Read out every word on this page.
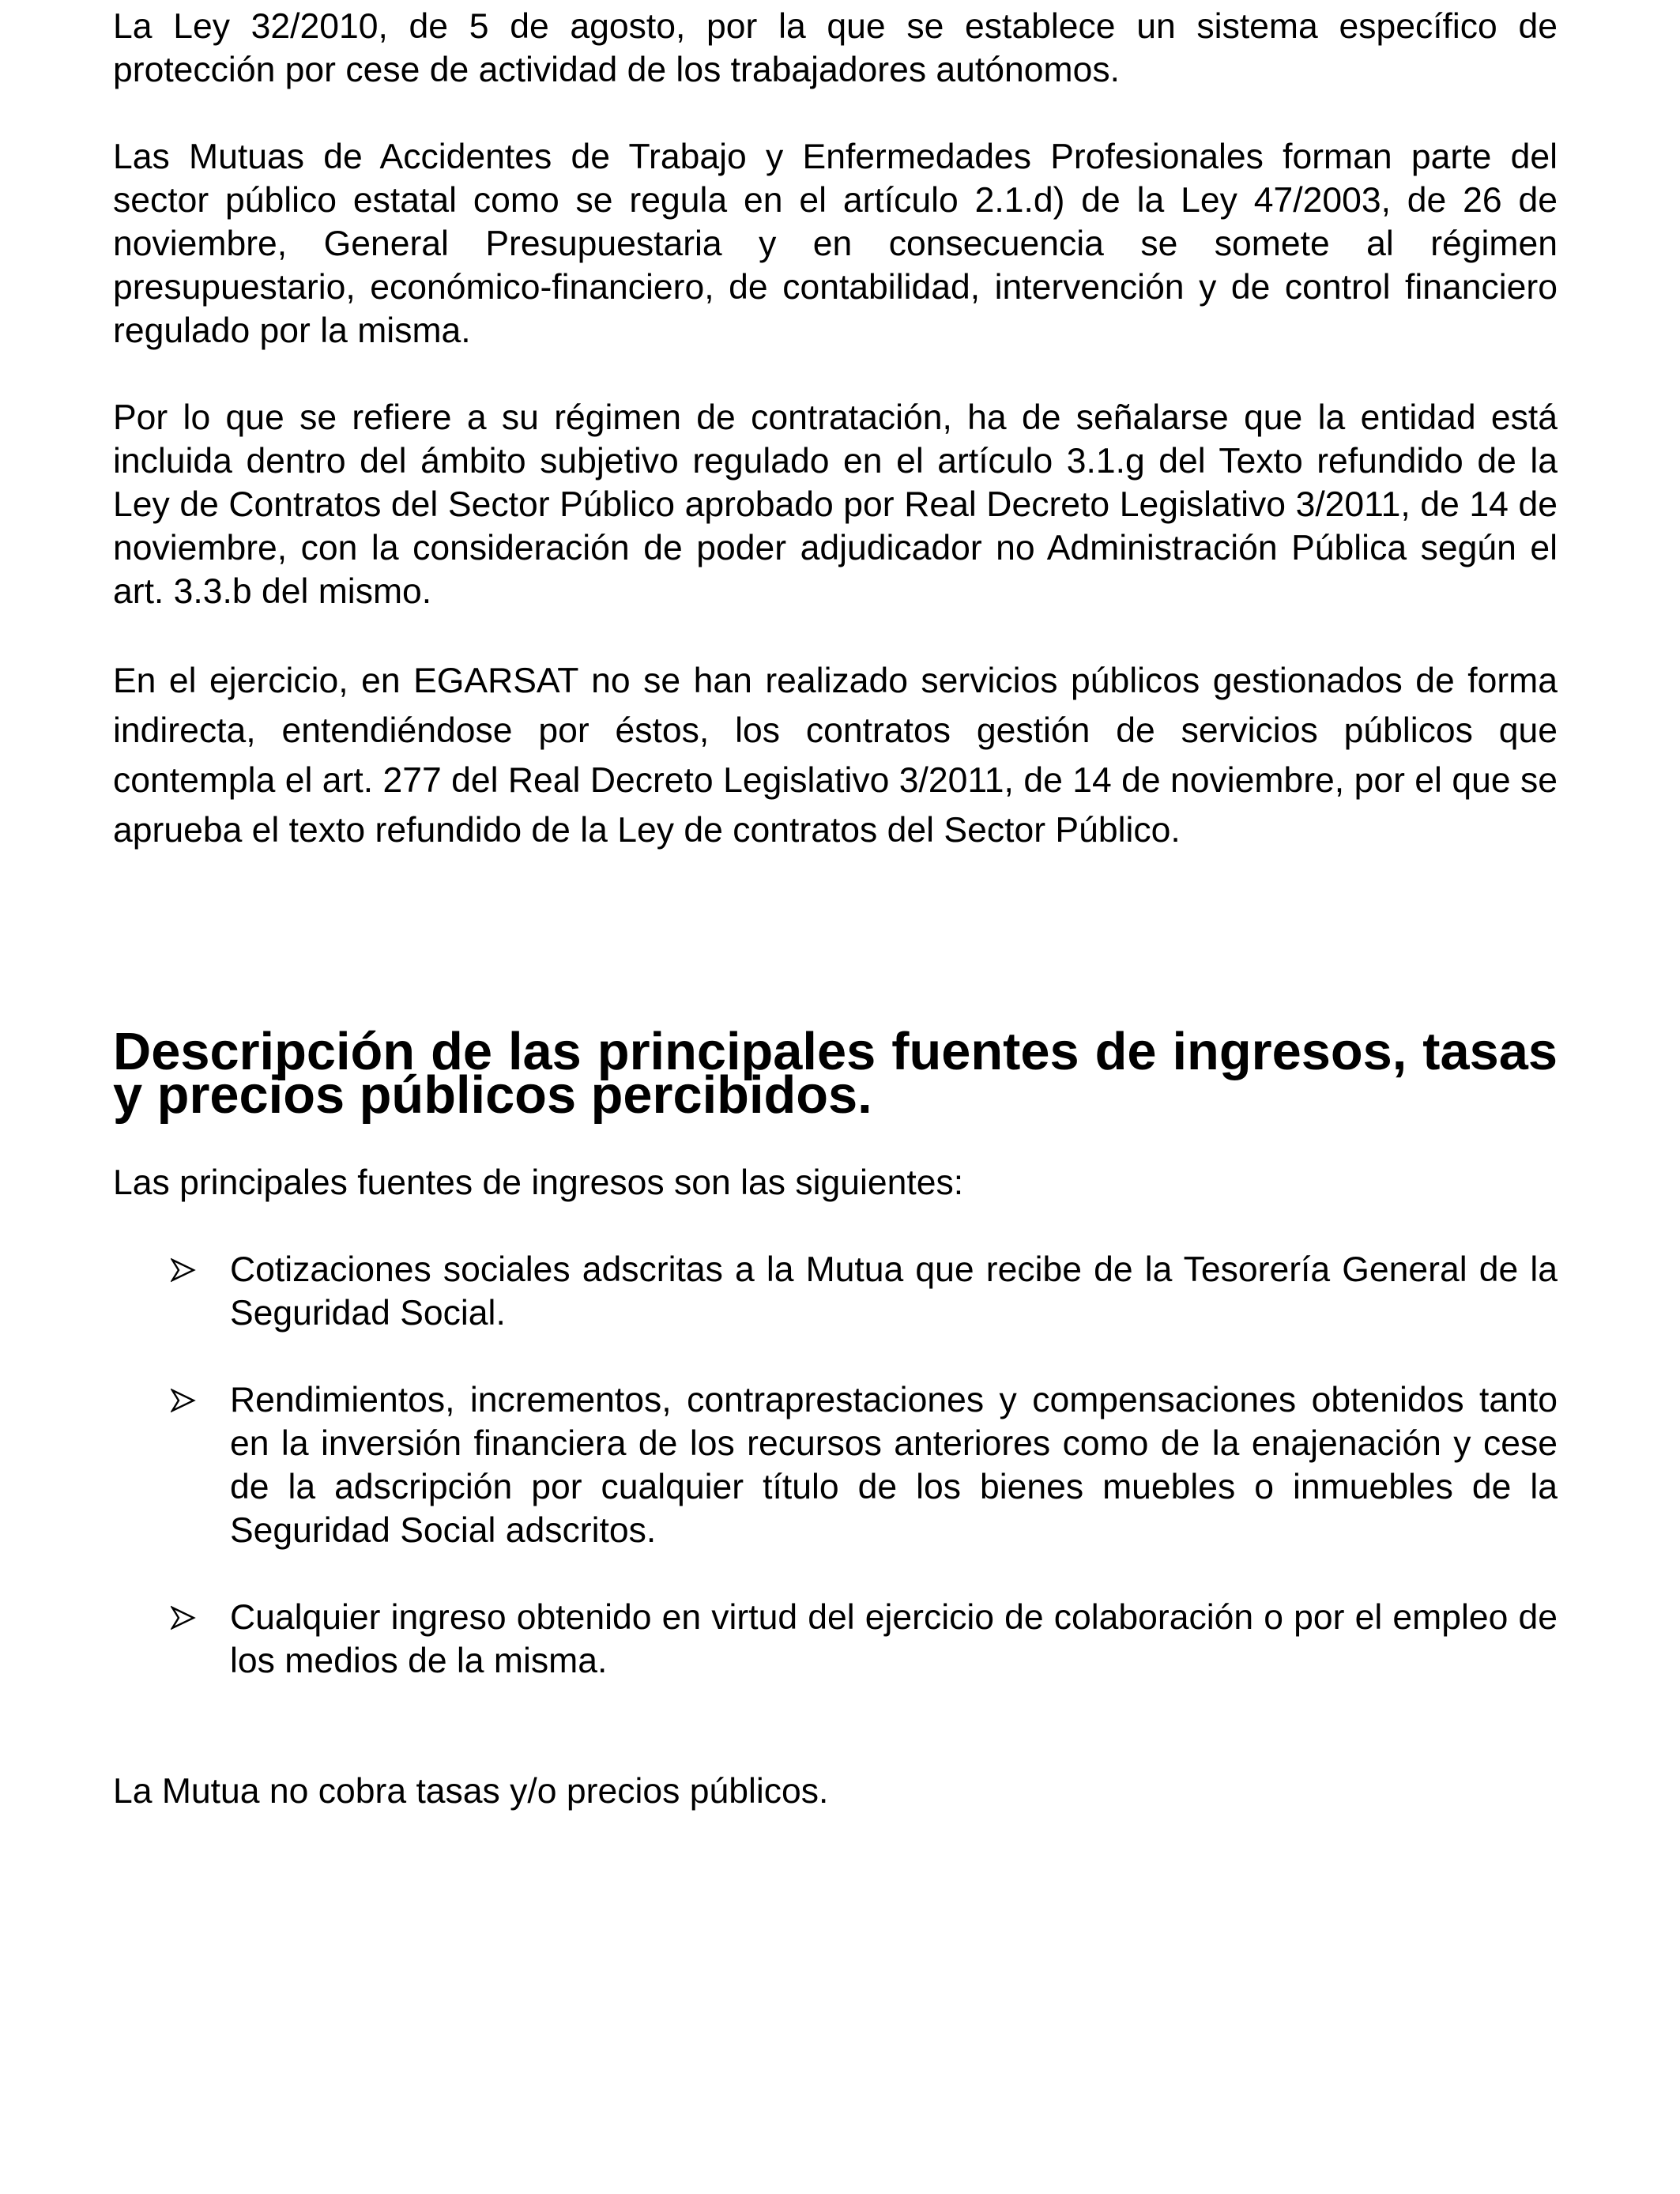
La Ley 32/2010, de 5 de agosto, por la que se establece un sistema específico de protección por cese de actividad de los trabajadores autónomos.

Las Mutuas de Accidentes de Trabajo y Enfermedades Profesionales forman parte del sector público estatal como se regula en el artículo 2.1.d) de la Ley 47/2003, de 26 de noviembre, General Presupuestaria y en consecuencia se somete al régimen presupuestario, económico-financiero, de contabilidad, intervención y de control financiero regulado por la misma.

Por lo que se refiere a su régimen de contratación, ha de señalarse que la entidad está incluida dentro del ámbito subjetivo regulado en el artículo 3.1.g del Texto refundido de la Ley de Contratos del Sector Público aprobado por Real Decreto Legislativo 3/2011, de 14 de noviembre, con la consideración de poder adjudicador no Administración Pública según el art. 3.3.b del mismo.

En el ejercicio, en EGARSAT no se han realizado servicios públicos gestionados de forma indirecta, entendiéndose por éstos, los contratos gestión de servicios públicos que contempla el art. 277 del Real Decreto Legislativo 3/2011, de 14 de noviembre, por el que se aprueba el texto refundido de la Ley de contratos del Sector Público.

Descripción de las principales fuentes de ingresos, tasas y precios públicos percibidos.

Las principales fuentes de ingresos son las siguientes:

Cotizaciones sociales adscritas a la Mutua que recibe de la Tesorería General de la Seguridad Social.
Rendimientos, incrementos, contraprestaciones y compensaciones obtenidos tanto en la inversión financiera de los recursos anteriores como de la enajenación y cese de la adscripción por cualquier título de los bienes muebles o inmuebles de la Seguridad Social adscritos.
Cualquier ingreso obtenido en virtud del ejercicio de colaboración o por el empleo de los medios de la misma.

La Mutua no cobra tasas y/o precios públicos.
